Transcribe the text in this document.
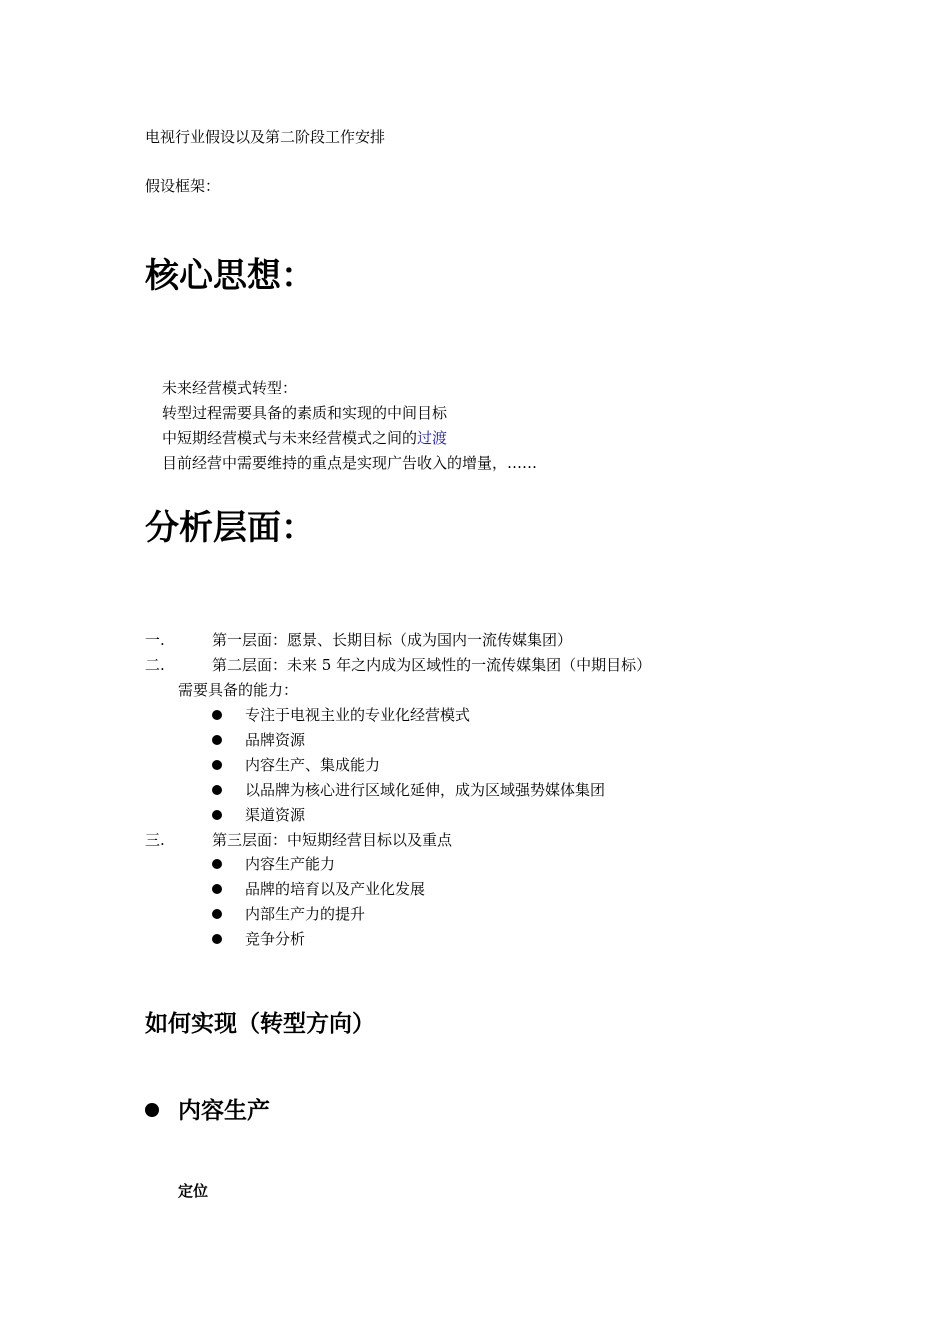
电视行业假设以及第二阶段工作安排
假设框架：
核心思想：
未来经营模式转型：
转型过程需要具备的素质和实现的中间目标
中短期经营模式与未来经营模式之间的过渡
目前经营中需要维持的重点是实现广告收入的增量，……
分析层面：
一.	第一层面：愿景、长期目标（成为国内一流传媒集团）
二.	第二层面：未来 5 年之内成为区域性的一流传媒集团（中期目标）
需要具备的能力：
专注于电视主业的专业化经营模式
品牌资源
内容生产、集成能力
以品牌为核心进行区域化延伸，成为区域强势媒体集团
渠道资源
三.	第三层面：中短期经营目标以及重点
内容生产能力
品牌的培育以及产业化发展
内部生产力的提升
竞争分析
如何实现（转型方向）
内容生产
定位
